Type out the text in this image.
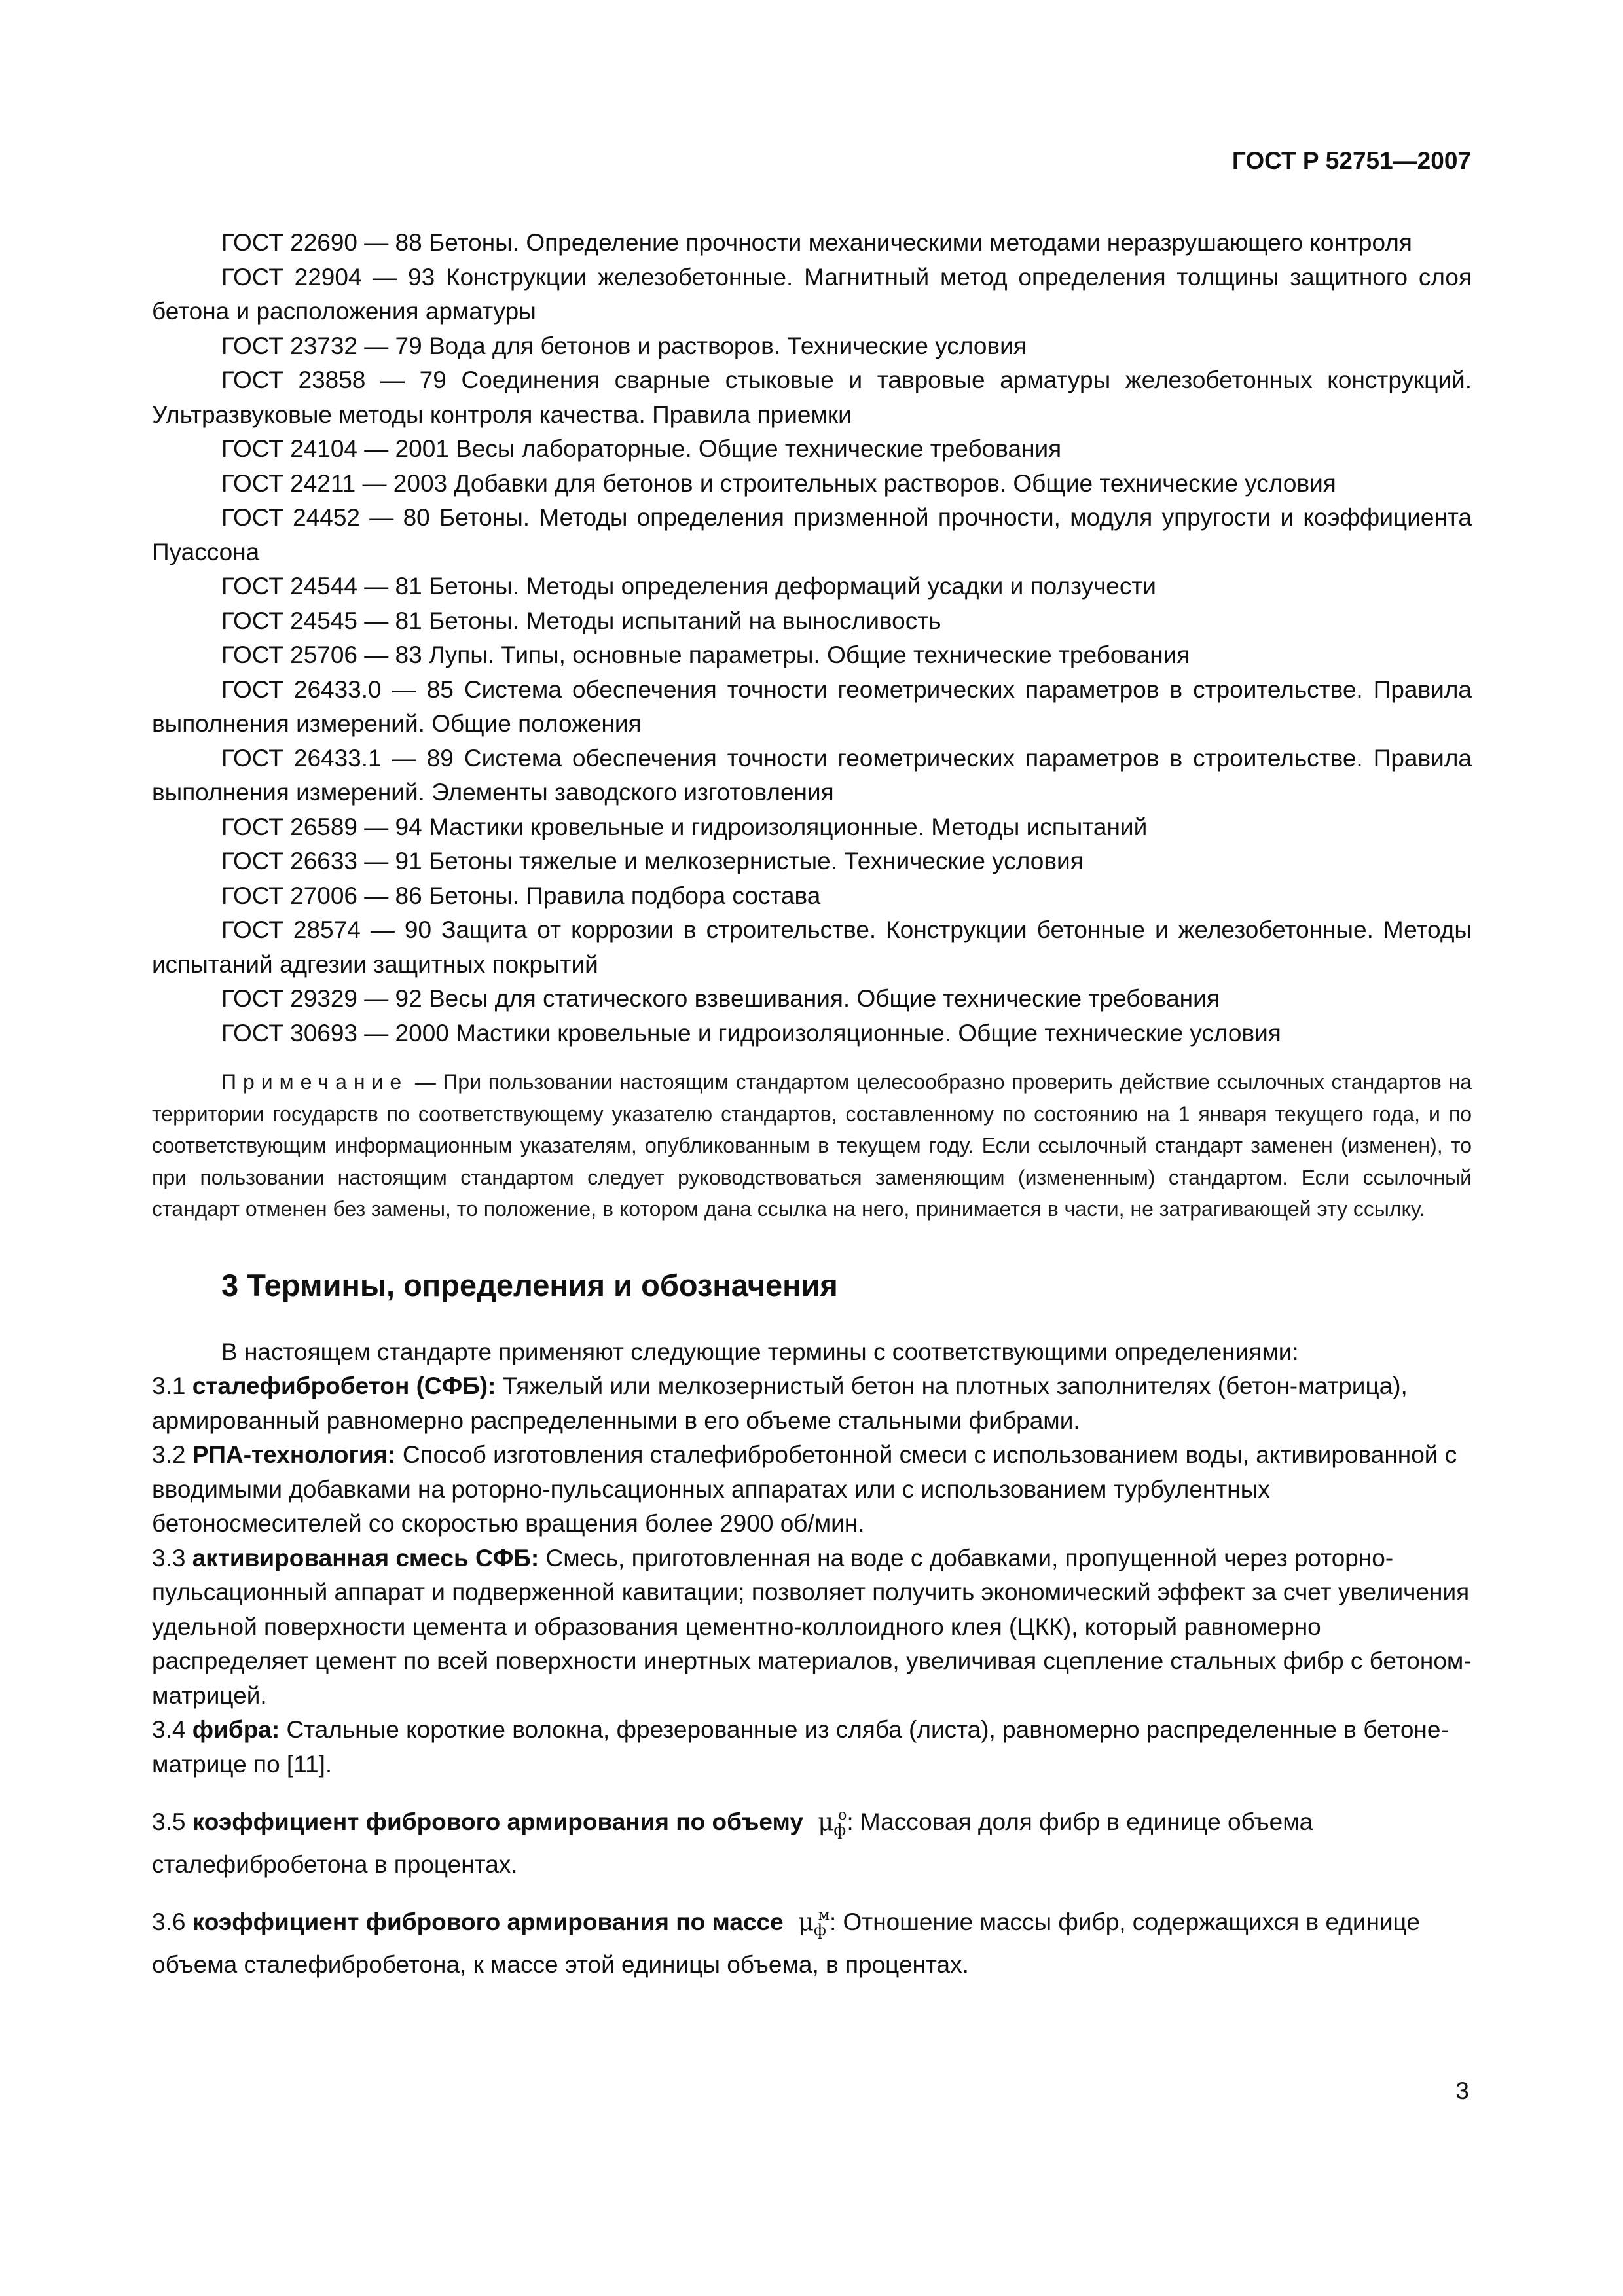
ГОСТ Р 52751—2007

ГОСТ 22690 — 88 Бетоны. Определение прочности механическими методами неразрушающего контроля

ГОСТ 22904 — 93 Конструкции железобетонные. Магнитный метод определения толщины защитного слоя бетона и расположения арматуры

ГОСТ 23732 — 79 Вода для бетонов и растворов. Технические условия

ГОСТ 23858 — 79 Соединения сварные стыковые и тавровые арматуры железобетонных конструкций. Ультразвуковые методы контроля качества. Правила приемки

ГОСТ 24104 — 2001 Весы лабораторные. Общие технические требования

ГОСТ 24211 — 2003 Добавки для бетонов и строительных растворов. Общие технические условия

ГОСТ 24452 — 80 Бетоны. Методы определения призменной прочности, модуля упругости и коэффициента Пуассона

ГОСТ 24544 — 81 Бетоны. Методы определения деформаций усадки и ползучести

ГОСТ 24545 — 81 Бетоны. Методы испытаний на выносливость

ГОСТ 25706 — 83 Лупы. Типы, основные параметры. Общие технические требования

ГОСТ 26433.0 — 85 Система обеспечения точности геометрических параметров в строительстве. Правила выполнения измерений. Общие положения

ГОСТ 26433.1 — 89 Система обеспечения точности геометрических параметров в строительстве. Правила выполнения измерений. Элементы заводского изготовления

ГОСТ 26589 — 94 Мастики кровельные и гидроизоляционные. Методы испытаний

ГОСТ 26633 — 91 Бетоны тяжелые и мелкозернистые. Технические условия

ГОСТ 27006 — 86 Бетоны. Правила подбора состава

ГОСТ 28574 — 90 Защита от коррозии в строительстве. Конструкции бетонные и железобетонные. Методы испытаний адгезии защитных покрытий

ГОСТ 29329 — 92 Весы для статического взвешивания. Общие технические требования

ГОСТ 30693 — 2000 Мастики кровельные и гидроизоляционные. Общие технические условия

Примечание — При пользовании настоящим стандартом целесообразно проверить действие ссылочных стандартов на территории государств по соответствующему указателю стандартов, составленному по состоянию на 1 января текущего года, и по соответствующим информационным указателям, опубликованным в текущем году. Если ссылочный стандарт заменен (изменен), то при пользовании настоящим стандартом следует руководствоваться заменяющим (измененным) стандартом. Если ссылочный стандарт отменен без замены, то положение, в котором дана ссылка на него, принимается в части, не затрагивающей эту ссылку.

3 Термины, определения и обозначения

В настоящем стандарте применяют следующие термины с соответствующими определениями:

3.1 сталефибробетон (СФБ): Тяжелый или мелкозернистый бетон на плотных заполнителях (бетон-матрица), армированный равномерно распределенными в его объеме стальными фибрами.

3.2 РПА-технология: Способ изготовления сталефибробетонной смеси с использованием воды, активированной с вводимыми добавками на роторно-пульсационных аппаратах или с использованием турбулентных бетоносмесителей со скоростью вращения более 2900 об/мин.

3.3 активированная смесь СФБ: Смесь, приготовленная на воде с добавками, пропущенной через роторно-пульсационный аппарат и подверженной кавитации; позволяет получить экономический эффект за счет увеличения удельной поверхности цемента и образования цементно-коллоидного клея (ЦКК), который равномерно распределяет цемент по всей поверхности инертных материалов, увеличивая сцепление стальных фибр с бетоном-матрицей.

3.4 фибра: Стальные короткие волокна, фрезерованные из сляба (листа), равномерно распределенные в бетоне-матрице по [11].

3.5 коэффициент фибрового армирования по объему $\mu_ф^о$: Массовая доля фибр в единице объема сталефибробетона в процентах.

3.6 коэффициент фибрового армирования по массе $\mu_ф^м$: Отношение массы фибр, содержащихся в единице объема сталефибробетона, к массе этой единицы объема, в процентах.

3
